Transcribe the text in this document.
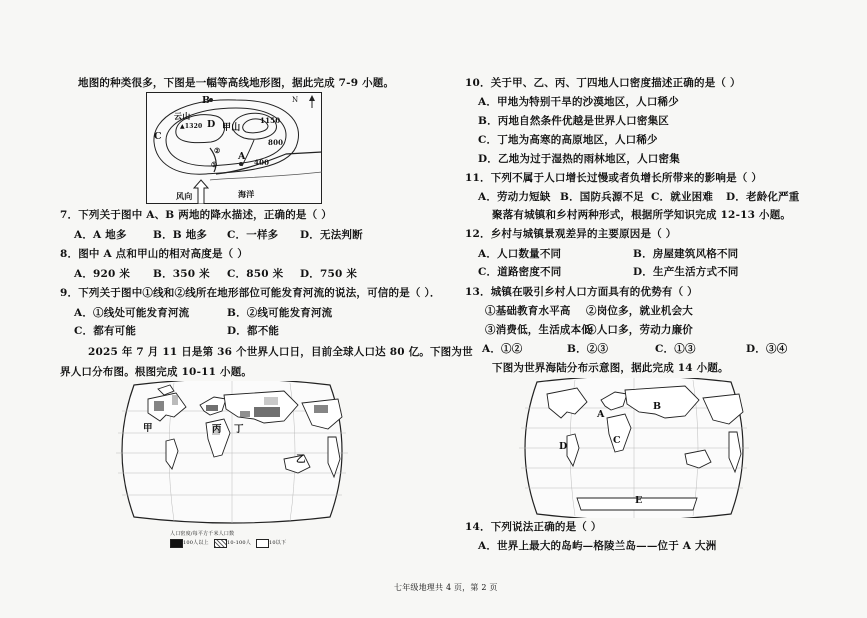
地图的种类很多，下图是一幅等高线地形图，据此完成 7-9 小题。
N
B
C
D
A
云山
▲1320 甲山
1150
800
400
①
②
风向	海洋
7．下列关于图中 A、B 两地的降水描述，正确的是（ ）
A．A 地多	B．B 地多 C．一样多 D．无法判断
8．图中 A 点和甲山的相对高度是（ ）
A．920 米 B．350 米 C．850 米 D．750 米
9．下列关于图中①线和②线所在地形部位可能发育河流的说法，可信的是（ ）．
A．①线处可能发育河流	B．②线可能发育河流
C．都有可能	D．都不能
2025 年 7 月 11 日是第 36 个世界人口日，目前全球人口达 80 亿。下图为世
界人口分布图。根图完成 10-11 小题。
甲
乙
丙 丁
人口密度/每平方千米人口数
100人以上	10-100人	10以下
10．关于甲、乙、丙、丁四地人口密度描述正确的是（ ）
A．甲地为特别干旱的沙漠地区，人口稀少
B．丙地自然条件优越是世界人口密集区
C．丁地为高寒的高原地区，人口稀少
D．乙地为过于湿热的雨林地区，人口密集
11．下列不属于人口增长过慢或者负增长所带来的影响是（ ）
A．劳动力短缺 B．国防兵源不足 C．就业困难 D．老龄化严重
聚落有城镇和乡村两种形式，根据所学知识完成 12-13 小题。
12．乡村与城镇景观差异的主要原因是（ ）
A．人口数量不同	B．房屋建筑风格不同
C．道路密度不同	D．生产生活方式不同
13．城镇在吸引乡村人口方面具有的优势有（ ）
①基础教育水平高 ②岗位多，就业机会大
③消费低，生活成本低
④人口多，劳动力廉价
A．①②	B．②③	C．①③	D．③④
下图为世界海陆分布示意图，据此完成 14 小题。
A
B
C
D
E
14．下列说法正确的是（ ）
A．世界上最大的岛屿—格陵兰岛——位于 A 大洲
七年级地理共 4 页，第 2 页
